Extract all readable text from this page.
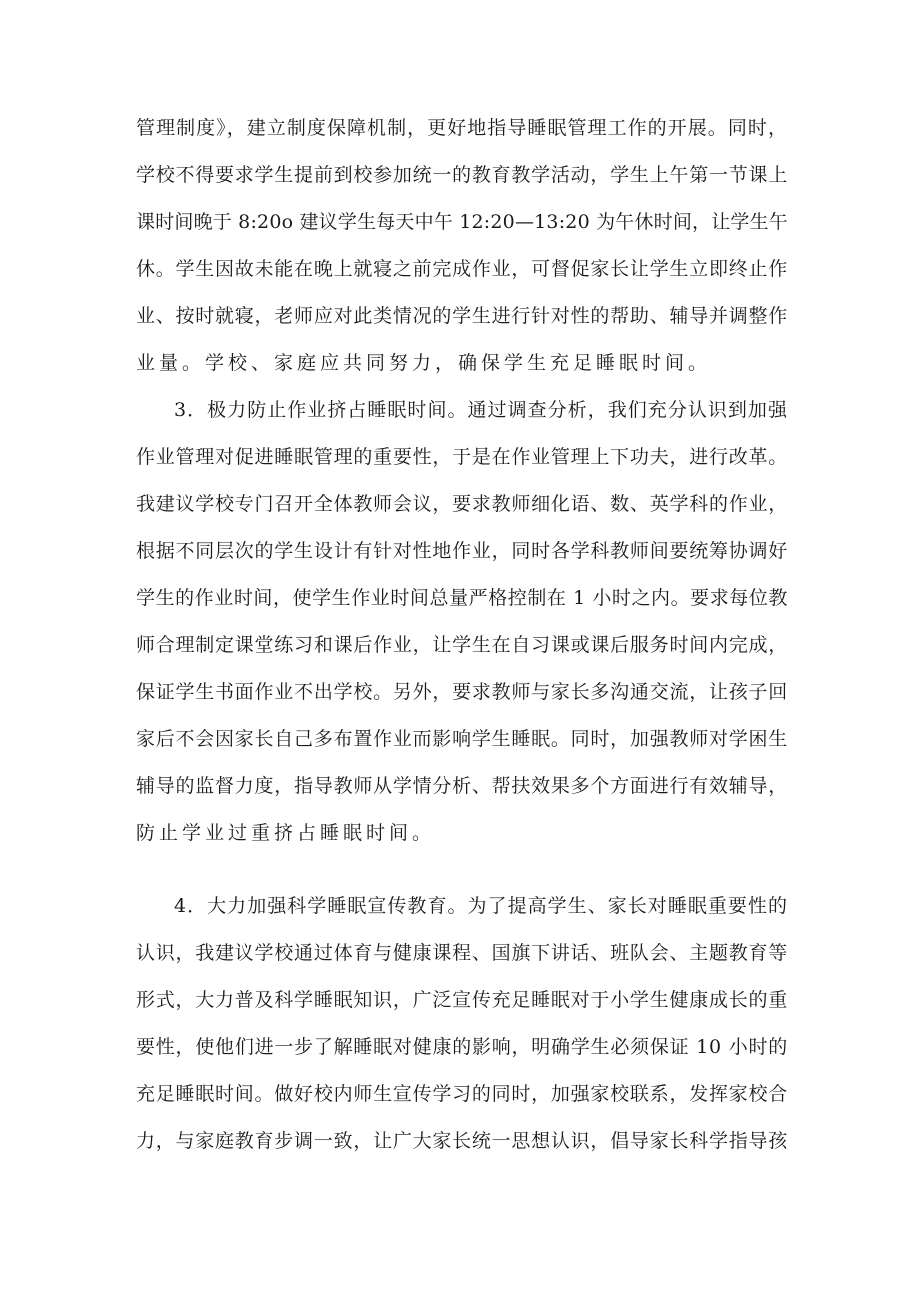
管理制度》，建立制度保障机制，更好地指导睡眠管理工作的开展。同时，
学校不得要求学生提前到校参加统一的教育教学活动，学生上午第一节课上
课时间晚于 8:20o 建议学生每天中午 12:20—13:20 为午休时间，让学生午
休。学生因故未能在晚上就寝之前完成作业，可督促家长让学生立即终止作
业、按时就寝，老师应对此类情况的学生进行针对性的帮助、辅导并调整作
业量。学校、家庭应共同努力，确保学生充足睡眠时间。
3．极力防止作业挤占睡眠时间。通过调查分析，我们充分认识到加强
作业管理对促进睡眠管理的重要性，于是在作业管理上下功夫，进行改革。
我建议学校专门召开全体教师会议，要求教师细化语、数、英学科的作业，
根据不同层次的学生设计有针对性地作业，同时各学科教师间要统筹协调好
学生的作业时间，使学生作业时间总量严格控制在 1 小时之内。要求每位教
师合理制定课堂练习和课后作业，让学生在自习课或课后服务时间内完成，
保证学生书面作业不出学校。另外，要求教师与家长多沟通交流，让孩子回
家后不会因家长自己多布置作业而影响学生睡眠。同时，加强教师对学困生
辅导的监督力度，指导教师从学情分析、帮扶效果多个方面进行有效辅导，
防止学业过重挤占睡眠时间。
4．大力加强科学睡眠宣传教育。为了提高学生、家长对睡眠重要性的
认识，我建议学校通过体育与健康课程、国旗下讲话、班队会、主题教育等
形式，大力普及科学睡眠知识，广泛宣传充足睡眠对于小学生健康成长的重
要性，使他们进一步了解睡眠对健康的影响，明确学生必须保证 10 小时的
充足睡眠时间。做好校内师生宣传学习的同时，加强家校联系，发挥家校合
力，与家庭教育步调一致，让广大家长统一思想认识，倡导家长科学指导孩
